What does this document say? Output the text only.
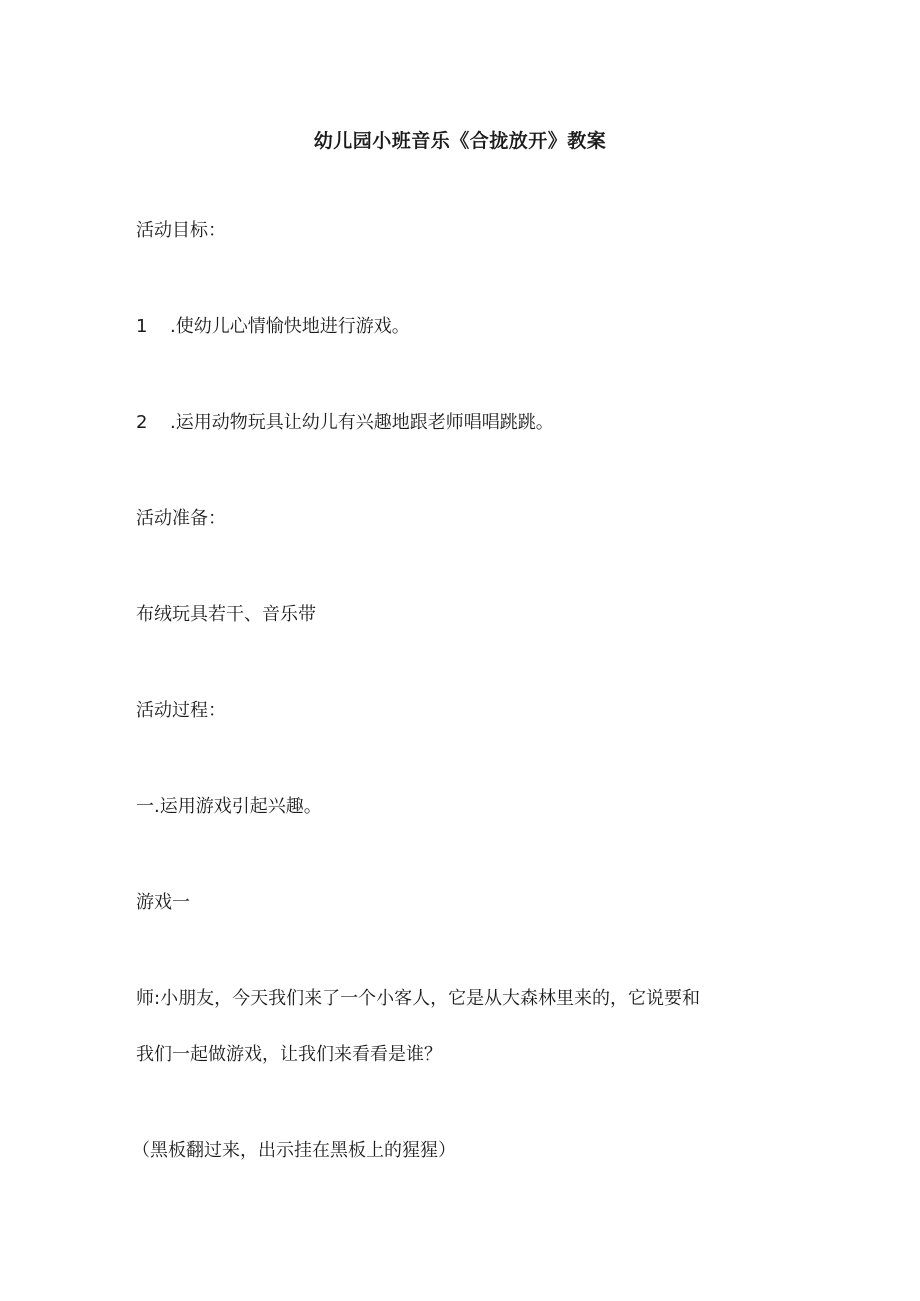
幼儿园小班音乐《合拢放开》教案
活动目标：
1 .使幼儿心情愉快地进行游戏。
2 .运用动物玩具让幼儿有兴趣地跟老师唱唱跳跳。
活动准备：
布绒玩具若干、音乐带
活动过程：
一.运用游戏引起兴趣。
游戏一
师:小朋友，今天我们来了一个小客人，它是从大森林里来的，它说要和
我们一起做游戏，让我们来看看是谁？
（黑板翻过来，出示挂在黑板上的猩猩）
